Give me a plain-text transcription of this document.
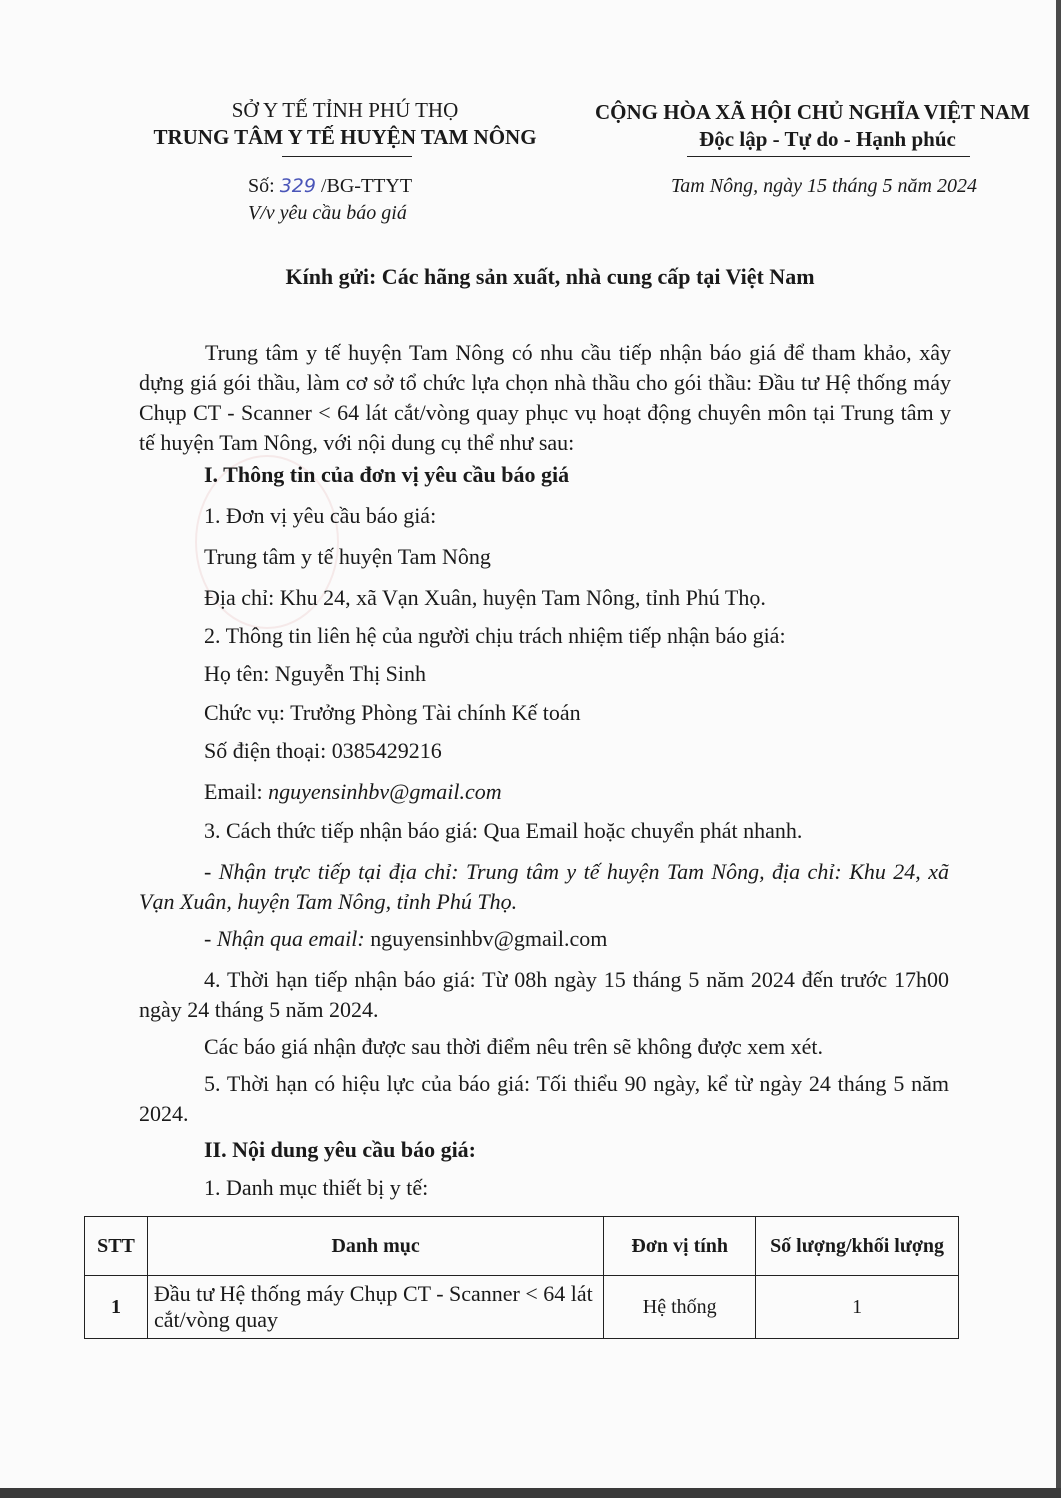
SỞ Y TẾ TỈNH PHÚ THỌ
TRUNG TÂM Y TẾ HUYỆN TAM NÔNG
CỘNG HÒA XÃ HỘI CHỦ NGHĨA VIỆT NAM
Độc lập - Tự do - Hạnh phúc
Số: 329 /BG-TTYT
V/v yêu cầu báo giá
Tam Nông, ngày 15 tháng 5 năm 2024
Kính gửi: Các hãng sản xuất, nhà cung cấp tại Việt Nam
Trung tâm y tế huyện Tam Nông có nhu cầu tiếp nhận báo giá để tham khảo, xây dựng giá gói thầu, làm cơ sở tổ chức lựa chọn nhà thầu cho gói thầu: Đầu tư Hệ thống máy Chụp CT - Scanner < 64 lát cắt/vòng quay phục vụ hoạt động chuyên môn tại Trung tâm y tế huyện Tam Nông, với nội dung cụ thể như sau:
I. Thông tin của đơn vị yêu cầu báo giá
1. Đơn vị yêu cầu báo giá:
Trung tâm y tế huyện Tam Nông
Địa chỉ: Khu 24, xã Vạn Xuân, huyện Tam Nông, tỉnh Phú Thọ.
2. Thông tin liên hệ của người chịu trách nhiệm tiếp nhận báo giá:
Họ tên: Nguyễn Thị Sinh
Chức vụ: Trưởng Phòng Tài chính Kế toán
Số điện thoại: 0385429216
Email: nguyensinhbv@gmail.com
3. Cách thức tiếp nhận báo giá: Qua Email hoặc chuyển phát nhanh.
- Nhận trực tiếp tại địa chỉ: Trung tâm y tế huyện Tam Nông, địa chỉ: Khu 24, xã Vạn Xuân, huyện Tam Nông, tỉnh Phú Thọ.
- Nhận qua email: nguyensinhbv@gmail.com
4. Thời hạn tiếp nhận báo giá: Từ 08h ngày 15 tháng 5 năm 2024 đến trước 17h00 ngày 24 tháng 5 năm 2024.
Các báo giá nhận được sau thời điểm nêu trên sẽ không được xem xét.
5. Thời hạn có hiệu lực của báo giá: Tối thiểu 90 ngày, kể từ ngày 24 tháng 5 năm 2024.
II. Nội dung yêu cầu báo giá:
1. Danh mục thiết bị y tế:
STT	Danh mục	Đơn vị tính	Số lượng/khối lượng
1	Đầu tư Hệ thống máy Chụp CT - Scanner < 64 lát cắt/vòng quay	Hệ thống	1
